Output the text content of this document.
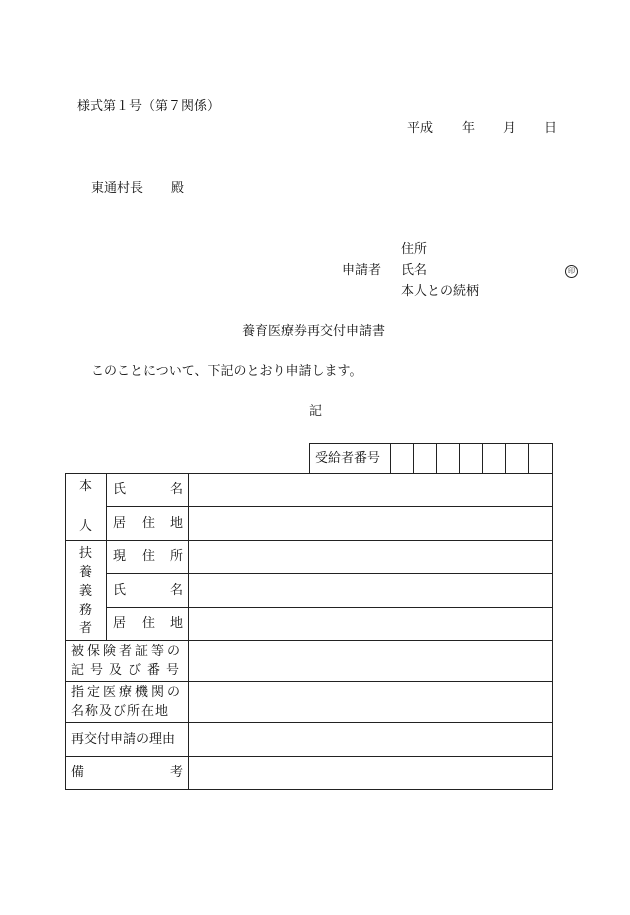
様式第１号（第７関係）
平成 年 月 日
東通村長 殿
住所
申請者 氏名	印
本人との続柄
養育医療券再交付申請書
このことについて、下記のとおり申請します。
記
受給者番号
本
人
氏	名
居 住 地
扶
養
義
務
者
現 住 所
氏	名
居 住 地
被保険者証等の
記号及び番号
指定医療機関の
名称及び所在地
再交付申請の理由
備	考
